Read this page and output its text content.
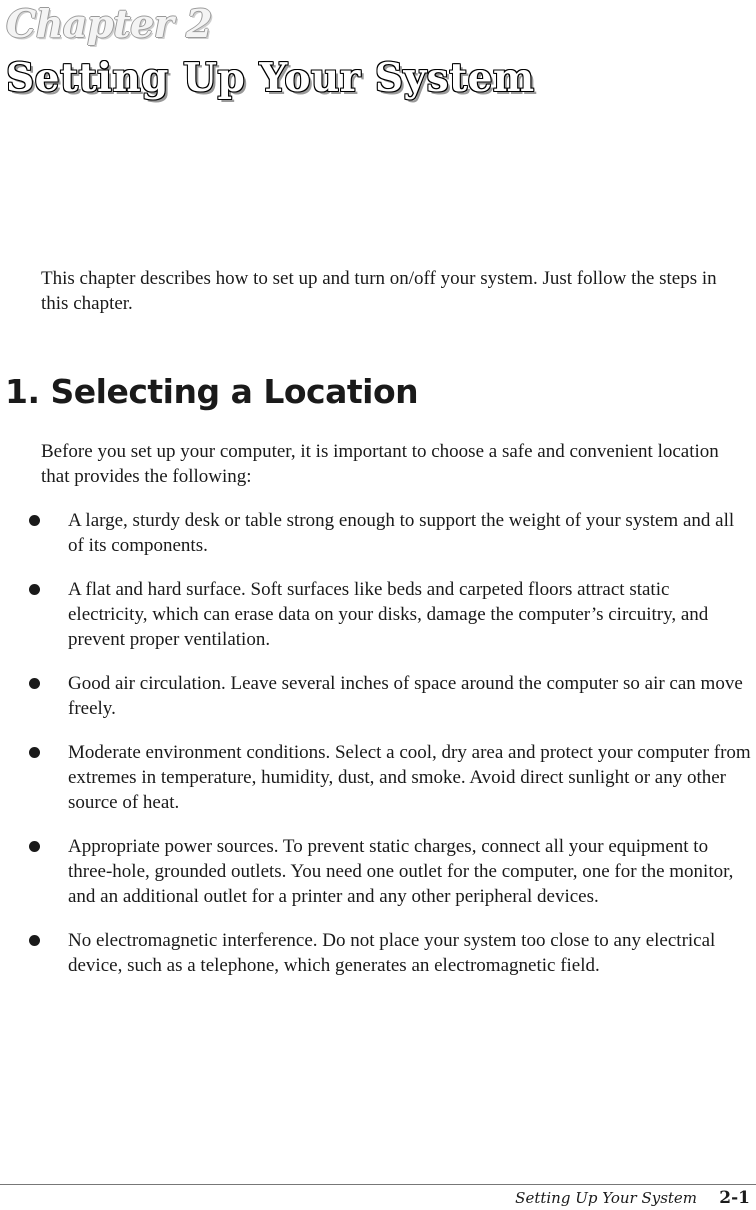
Chapter 2
Setting Up Your System

This chapter describes how to set up and turn on/off your system. Just follow the steps in this chapter.

1. Selecting a Location

Before you set up your computer, it is important to choose a safe and convenient location that provides the following:

A large, sturdy desk or table strong enough to support the weight of your system and all of its components.
A flat and hard surface. Soft surfaces like beds and carpeted floors attract static electricity, which can erase data on your disks, damage the computer’s circuitry, and prevent proper ventilation.
Good air circulation. Leave several inches of space around the computer so air can move freely.
Moderate environment conditions. Select a cool, dry area and protect your computer from extremes in temperature, humidity, dust, and smoke. Avoid direct sunlight or any other source of heat.
Appropriate power sources. To prevent static charges, connect all your equipment to three-hole, grounded outlets. You need one outlet for the computer, one for the monitor, and an additional outlet for a printer and any other peripheral devices.
No electromagnetic interference. Do not place your system too close to any electrical device, such as a telephone, which generates an electromagnetic field.
Setting Up Your System 2-1
